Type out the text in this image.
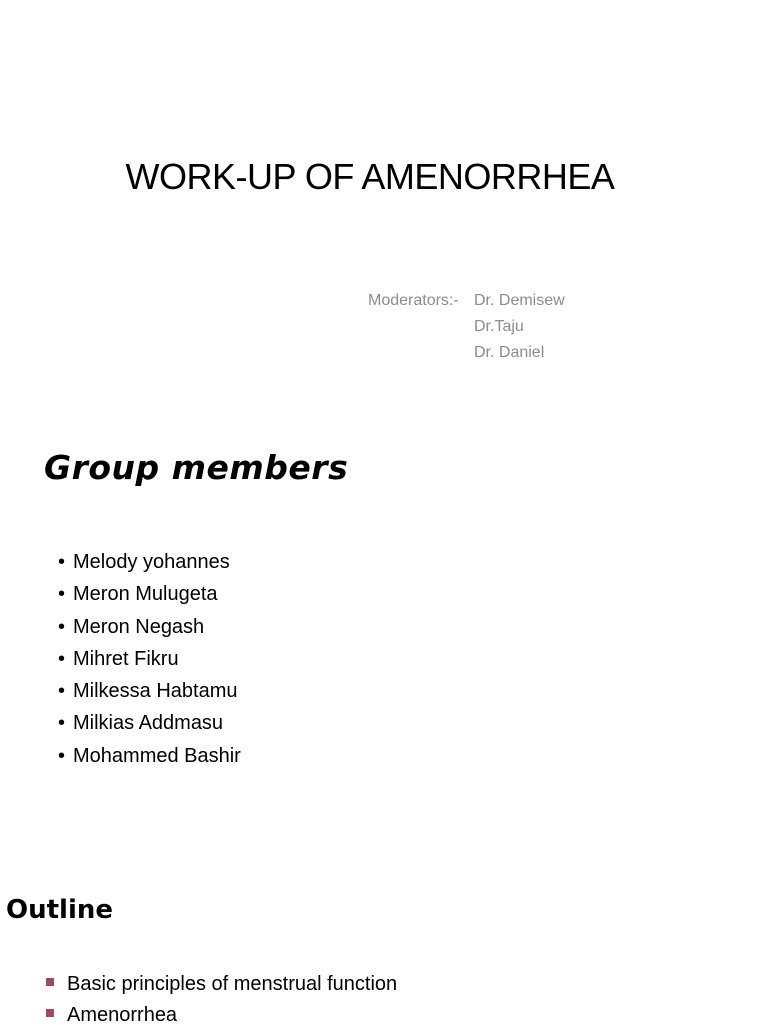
WORK-UP OF AMENORRHEA
Moderators:- Dr. Demisew
Dr.Taju
Dr. Daniel
Group members
• Melody yohannes
• Meron Mulugeta
• Meron Negash
• Mihret Fikru
• Milkessa Habtamu
• Milkias Addmasu
• Mohammed Bashir
Outline
Basic principles of menstrual function
Amenorrhea
